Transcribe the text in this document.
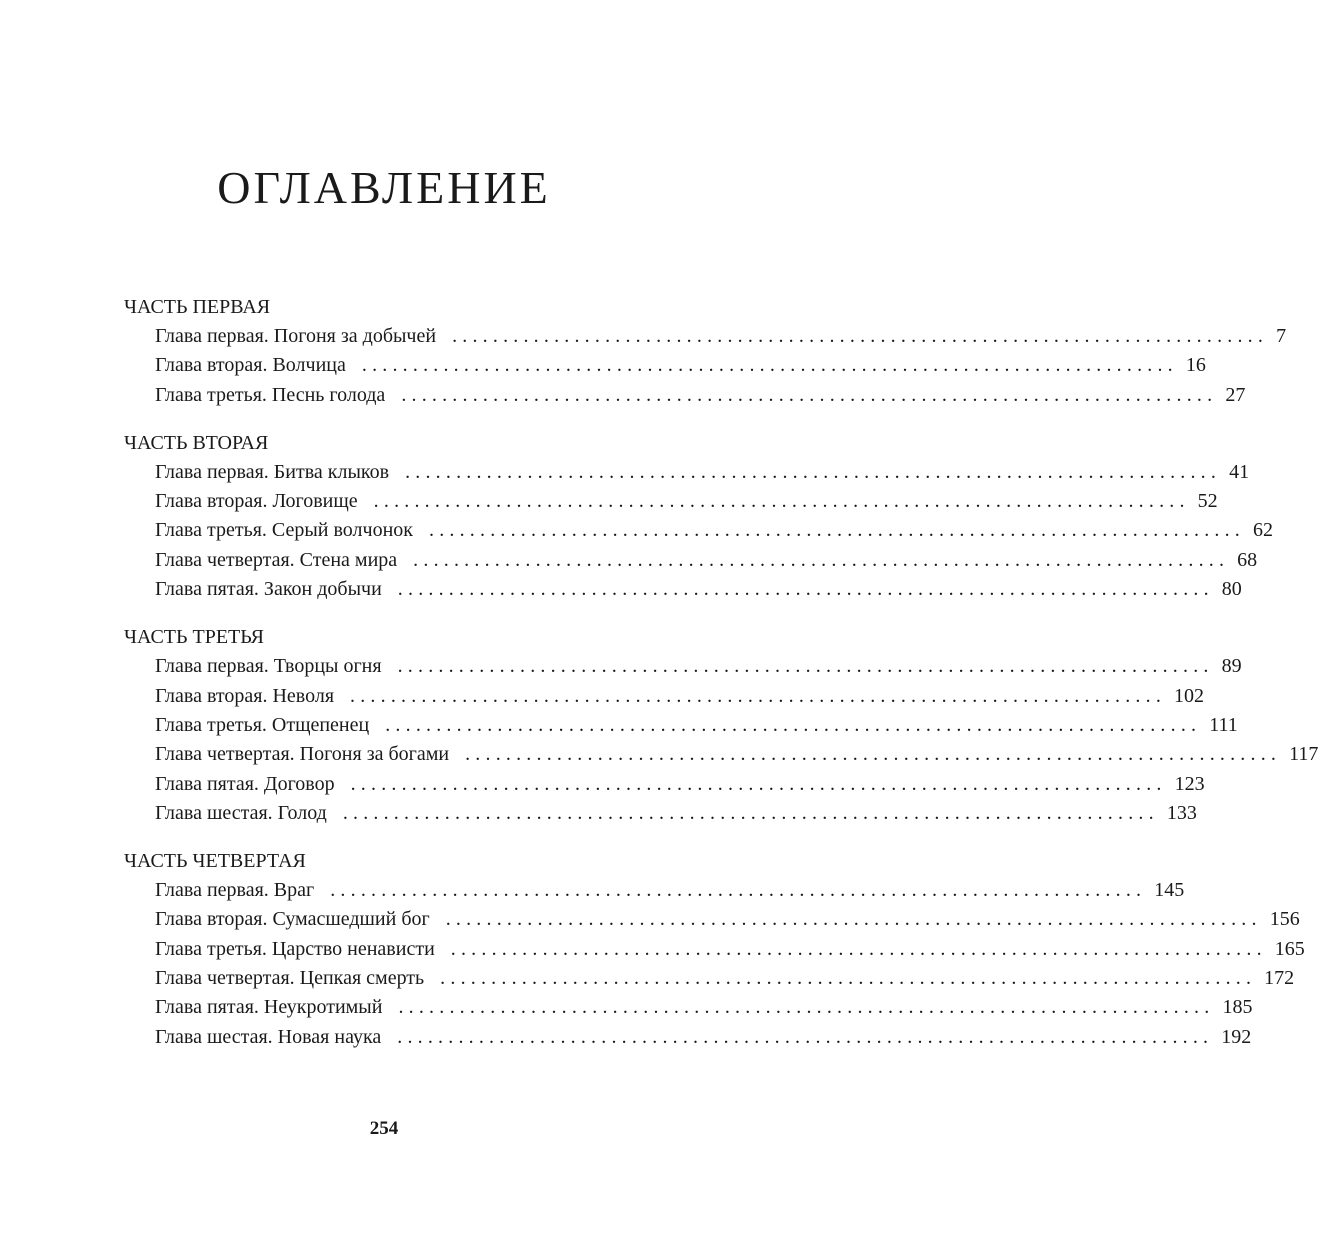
ОГЛАВЛЕНИЕ
ЧАСТЬ ПЕРВАЯ
Глава первая. Погоня за добычей ................................................................................ 7
Глава вторая. Волчица ................................................................................ 16
Глава третья. Песнь голода ................................................................................ 27
ЧАСТЬ ВТОРАЯ
Глава первая. Битва клыков ................................................................................ 41
Глава вторая. Логовище ................................................................................ 52
Глава третья. Серый волчонок ................................................................................ 62
Глава четвертая. Стена мира ................................................................................ 68
Глава пятая. Закон добычи ................................................................................ 80
ЧАСТЬ ТРЕТЬЯ
Глава первая. Творцы огня ................................................................................ 89
Глава вторая. Неволя ................................................................................ 102
Глава третья. Отщепенец ................................................................................ 111
Глава четвертая. Погоня за богами ................................................................................ 117
Глава пятая. Договор ................................................................................ 123
Глава шестая. Голод ................................................................................ 133
ЧАСТЬ ЧЕТВЕРТАЯ
Глава первая. Враг ................................................................................ 145
Глава вторая. Сумасшедший бог ................................................................................ 156
Глава третья. Царство ненависти ................................................................................ 165
Глава четвертая. Цепкая смерть ................................................................................ 172
Глава пятая. Неукротимый ................................................................................ 185
Глава шестая. Новая наука ................................................................................ 192
254
